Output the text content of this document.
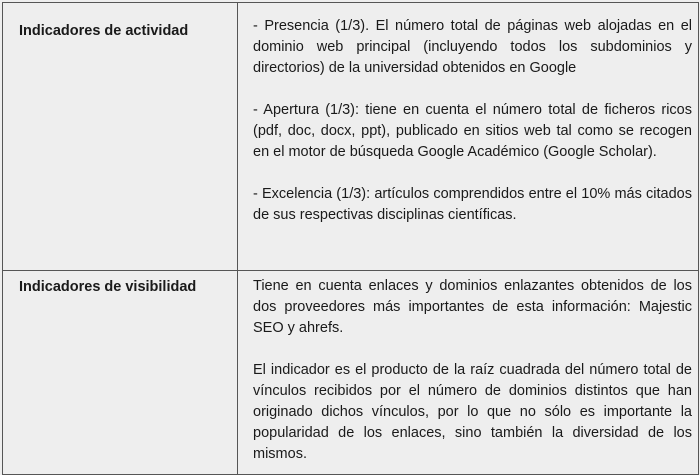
Indicadores de actividad	- Presencia (1/3). El número total de páginas web alojadas en el dominio web principal (incluyendo todos los subdominios y directorios) de la universidad obtenidos en Google

- Apertura (1/3): tiene en cuenta el número total de ficheros ricos (pdf, doc, docx, ppt), publicado en sitios web tal como se recogen en el motor de búsqueda Google Académico (Google Scholar).

- Excelencia (1/3): artículos comprendidos entre el 10% más citados de sus respectivas disciplinas científicas.

Indicadores de visibilidad	Tiene en cuenta enlaces y dominios enlazantes obtenidos de los dos proveedores más importantes de esta información: Majestic SEO y ahrefs.

El indicador es el producto de la raíz cuadrada del número total de vínculos recibidos por el número de dominios distintos que han originado dichos vínculos, por lo que no sólo es importante la popularidad de los enlaces, sino también la diversidad de los mismos.
